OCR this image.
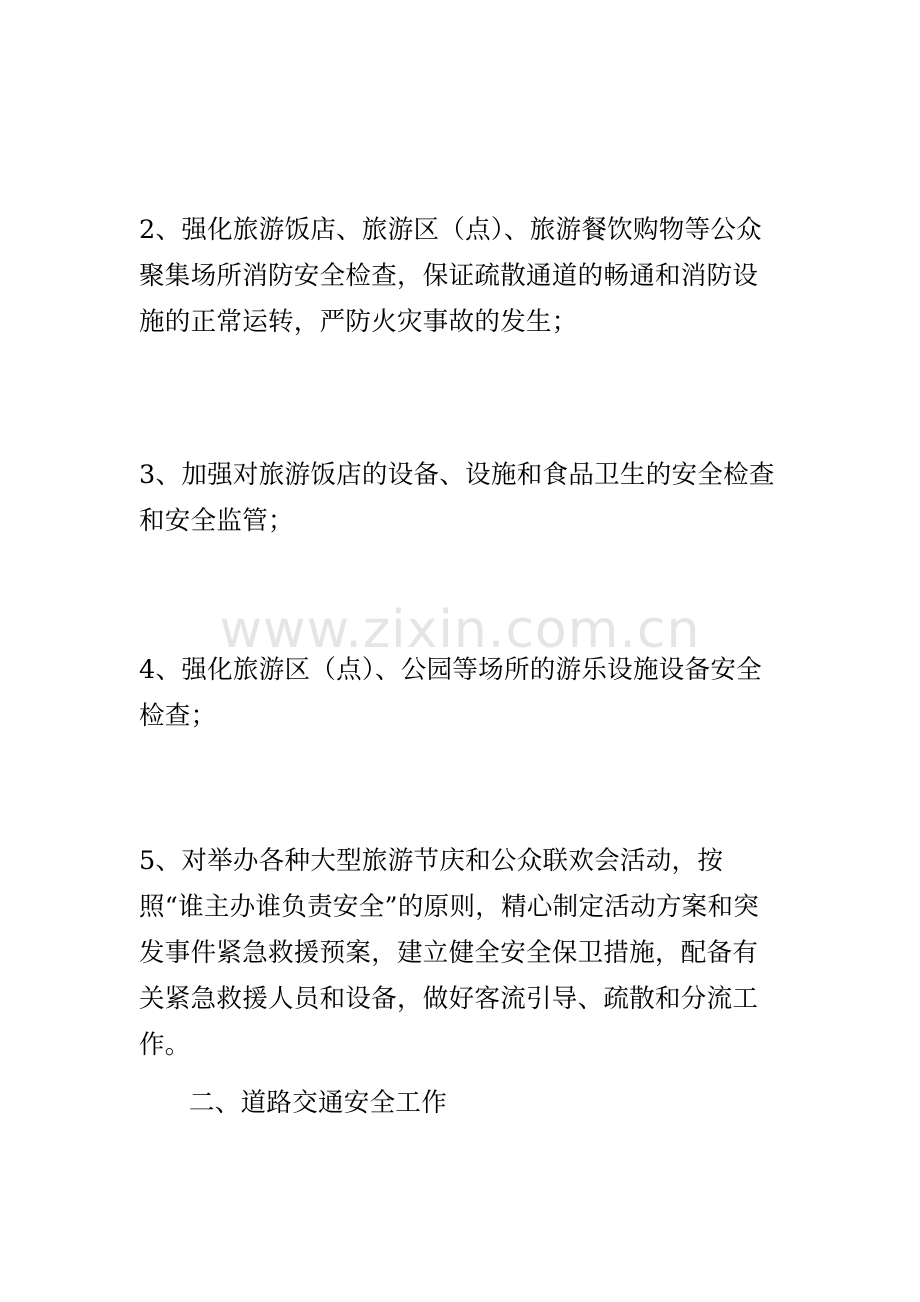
2、强化旅游饭店、旅游区（点）、旅游餐饮购物等公众聚集场所消防安全检查，保证疏散通道的畅通和消防设施的正常运转，严防火灾事故的发生；

3、加强对旅游饭店的设备、设施和食品卫生的安全检查和安全监管；

www.zixin.com.cn

4、强化旅游区（点）、公园等场所的游乐设施设备安全检查；

5、对举办各种大型旅游节庆和公众联欢会活动，按照“谁主办谁负责安全”的原则，精心制定活动方案和突发事件紧急救援预案，建立健全安全保卫措施，配备有关紧急救援人员和设备，做好客流引导、疏散和分流工作。

二、道路交通安全工作
